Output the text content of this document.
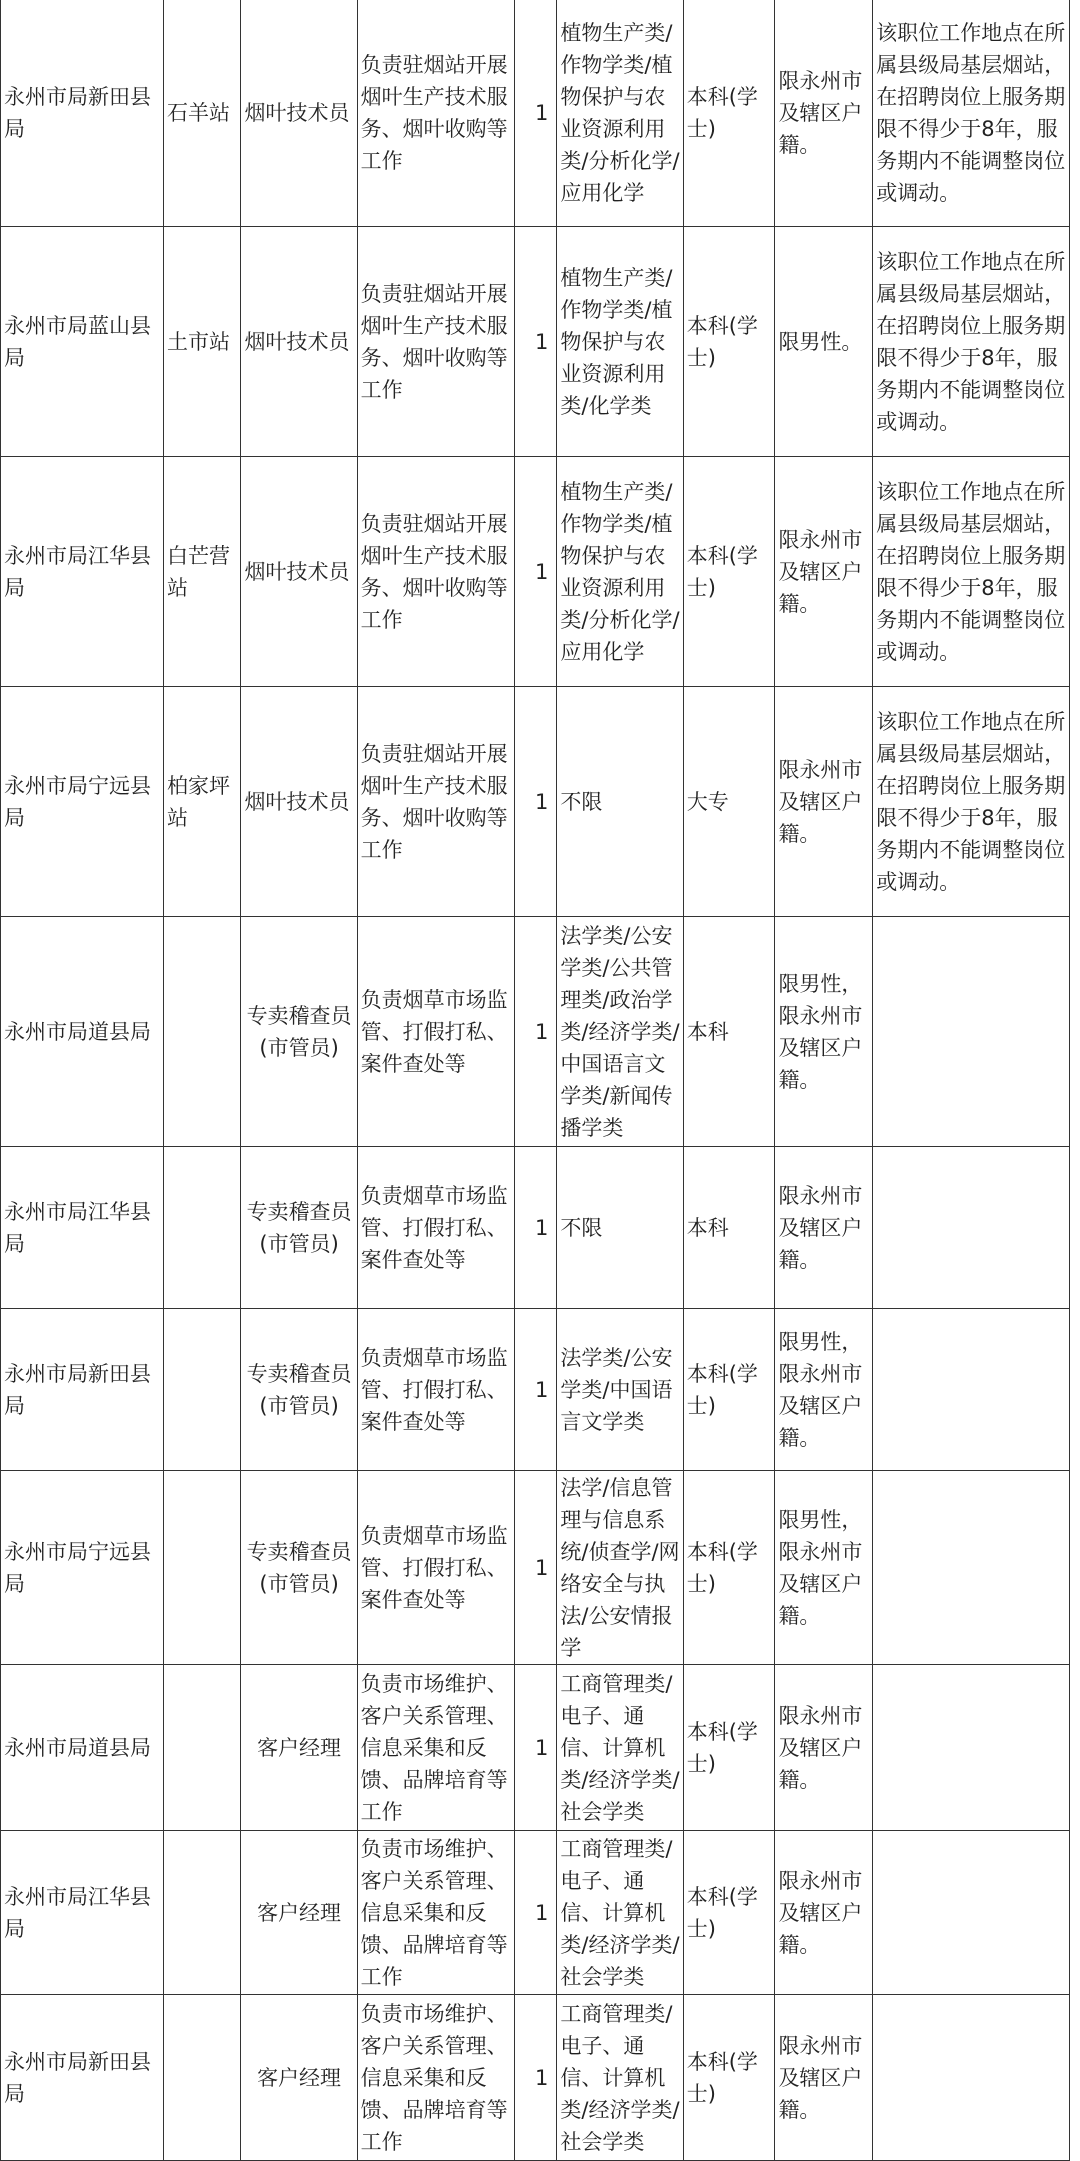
永州市局新田县局	石羊站	烟叶技术员	负责驻烟站开展烟叶生产技术服务、烟叶收购等工作	1	植物生产类/作物学类/植物保护与农业资源利用类/分析化学/应用化学	本科(学士)	限永州市及辖区户籍。	该职位工作地点在所属县级局基层烟站，在招聘岗位上服务期限不得少于8年，服务期内不能调整岗位或调动。

永州市局蓝山县局	土市站	烟叶技术员	负责驻烟站开展烟叶生产技术服务、烟叶收购等工作	1	植物生产类/作物学类/植物保护与农业资源利用类/化学类	本科(学士)	限男性。	该职位工作地点在所属县级局基层烟站，在招聘岗位上服务期限不得少于8年，服务期内不能调整岗位或调动。

永州市局江华县局	白芒营站	烟叶技术员	负责驻烟站开展烟叶生产技术服务、烟叶收购等工作	1	植物生产类/作物学类/植物保护与农业资源利用类/分析化学/应用化学	本科(学士)	限永州市及辖区户籍。	该职位工作地点在所属县级局基层烟站，在招聘岗位上服务期限不得少于8年，服务期内不能调整岗位或调动。

永州市局宁远县局	柏家坪站	烟叶技术员	负责驻烟站开展烟叶生产技术服务、烟叶收购等工作	1	不限	大专	限永州市及辖区户籍。	该职位工作地点在所属县级局基层烟站，在招聘岗位上服务期限不得少于8年，服务期内不能调整岗位或调动。

永州市局道县局		专卖稽查员(市管员)	负责烟草市场监管、打假打私、案件查处等	1	法学类/公安学类/公共管理类/政治学类/经济学类/中国语言文学类/新闻传播学类	本科	限男性，限永州市及辖区户籍。	

永州市局江华县局		专卖稽查员(市管员)	负责烟草市场监管、打假打私、案件查处等	1	不限	本科	限永州市及辖区户籍。	

永州市局新田县局		专卖稽查员(市管员)	负责烟草市场监管、打假打私、案件查处等	1	法学类/公安学类/中国语言文学类	本科(学士)	限男性，限永州市及辖区户籍。	

永州市局宁远县局		专卖稽查员(市管员)	负责烟草市场监管、打假打私、案件查处等	1	法学/信息管理与信息系统/侦查学/网络安全与执法/公安情报学	本科(学士)	限男性，限永州市及辖区户籍。	

永州市局道县局		客户经理	负责市场维护、客户关系管理、信息采集和反馈、品牌培育等工作	1	工商管理类/电子、通信、计算机类/经济学类/社会学类	本科(学士)	限永州市及辖区户籍。	

永州市局江华县局		客户经理	负责市场维护、客户关系管理、信息采集和反馈、品牌培育等工作	1	工商管理类/电子、通信、计算机类/经济学类/社会学类	本科(学士)	限永州市及辖区户籍。	

永州市局新田县局		客户经理	负责市场维护、客户关系管理、信息采集和反馈、品牌培育等工作	1	工商管理类/电子、通信、计算机类/经济学类/社会学类	本科(学士)	限永州市及辖区户籍。	
